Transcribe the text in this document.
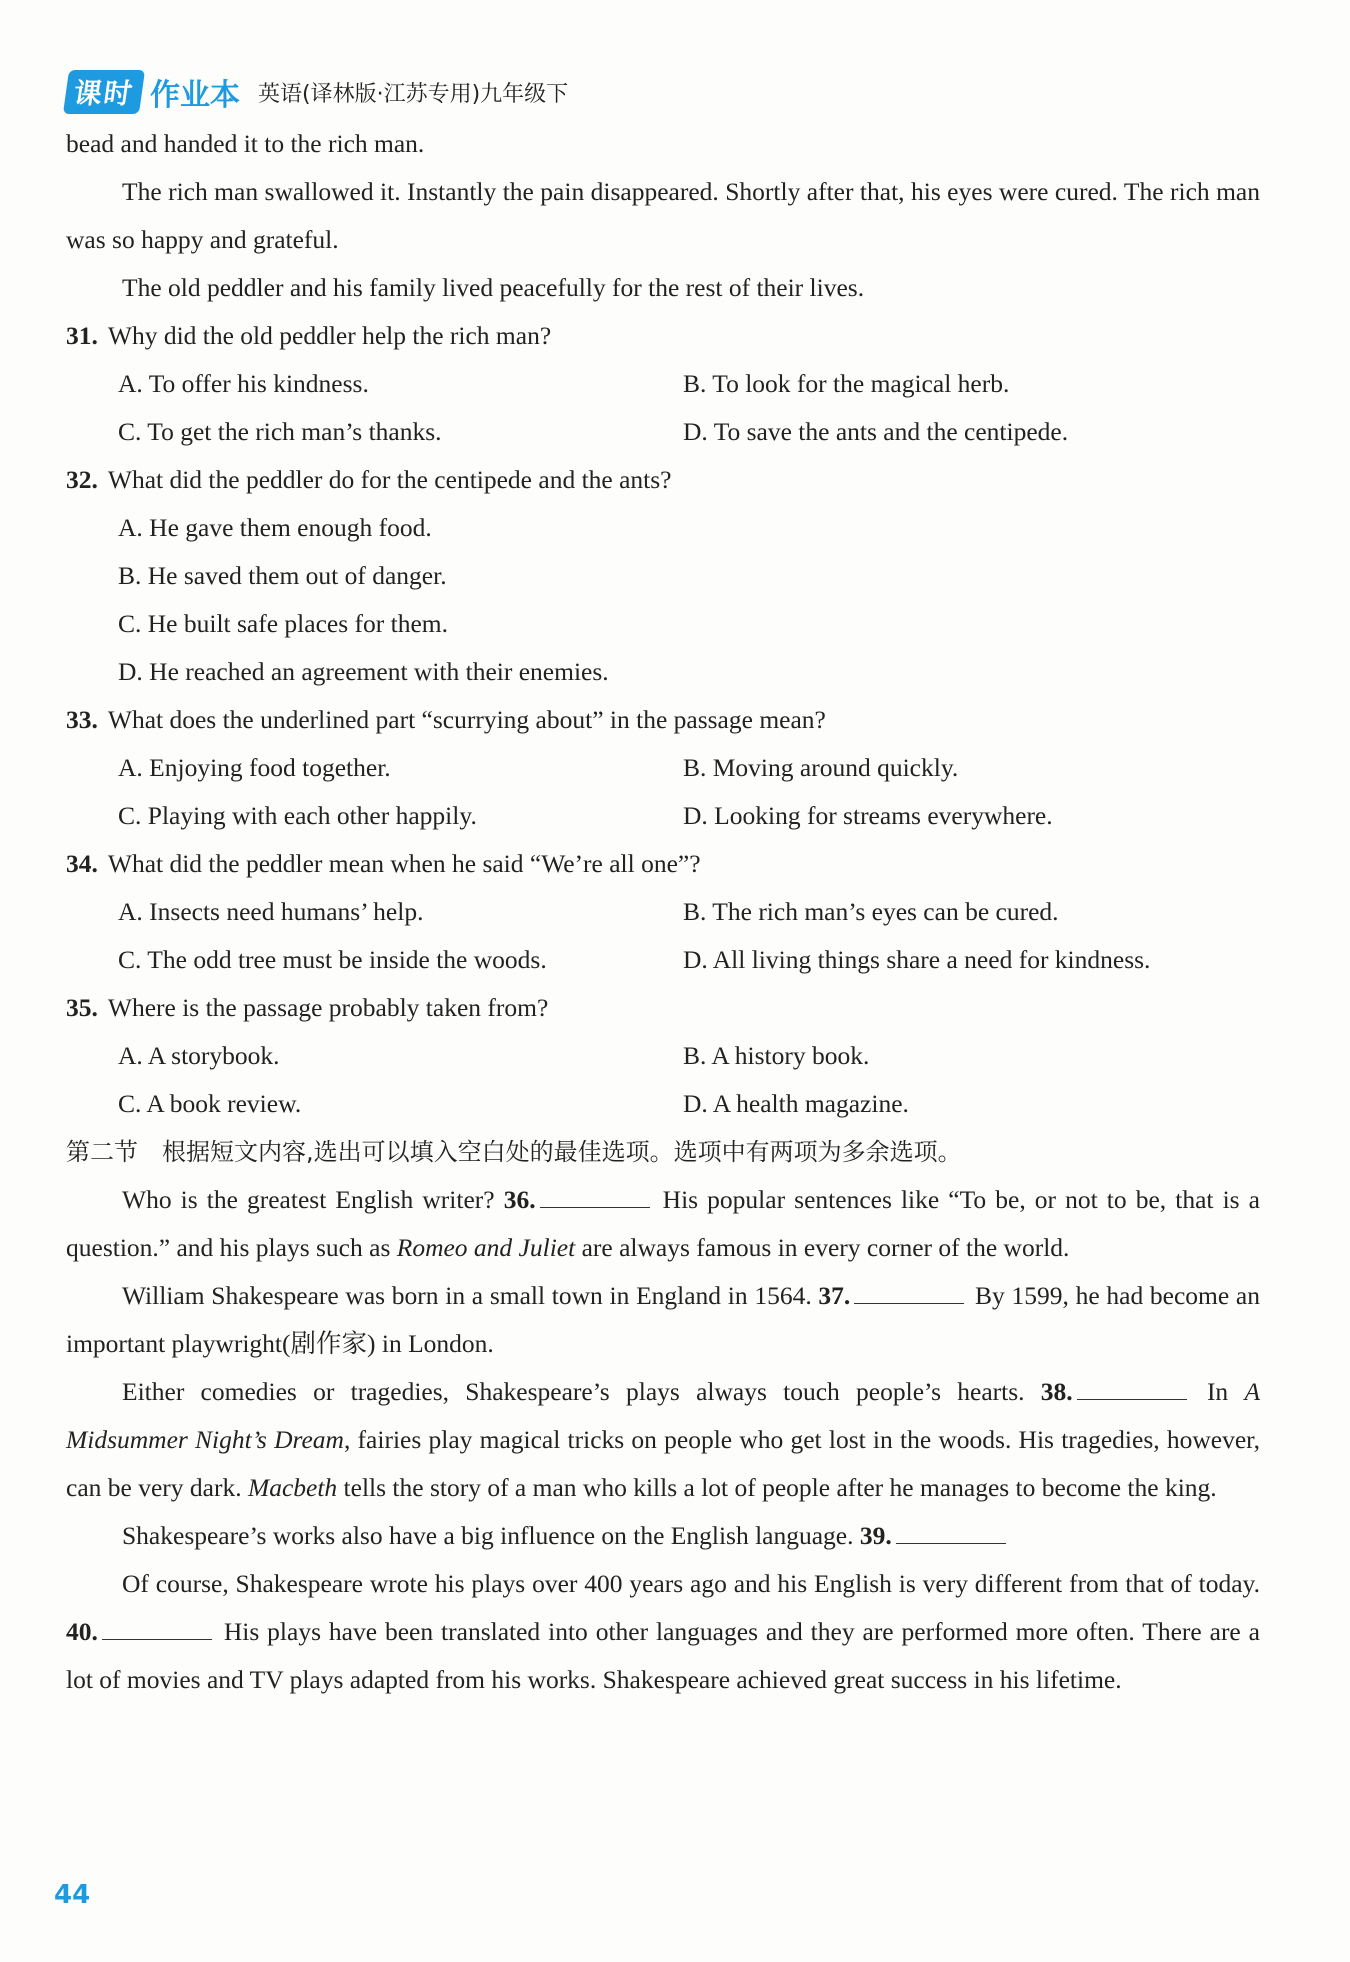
课时 作业本 英语(译林版·江苏专用)九年级下

bead and handed it to the rich man.

The rich man swallowed it. Instantly the pain disappeared. Shortly after that, his eyes were cured. The rich man was so happy and grateful.

The old peddler and his family lived peacefully for the rest of their lives.

31. Why did the old peddler help the rich man?
A. To offer his kindness.	B. To look for the magical herb.
C. To get the rich man’s thanks.	D. To save the ants and the centipede.
32. What did the peddler do for the centipede and the ants?
A. He gave them enough food.
B. He saved them out of danger.
C. He built safe places for them.
D. He reached an agreement with their enemies.
33. What does the underlined part “scurrying about” in the passage mean?
A. Enjoying food together.	B. Moving around quickly.
C. Playing with each other happily.	D. Looking for streams everywhere.
34. What did the peddler mean when he said “We’re all one”?
A. Insects need humans’ help.	B. The rich man’s eyes can be cured.
C. The odd tree must be inside the woods.	D. All living things share a need for kindness.
35. Where is the passage probably taken from?
A. A storybook.	B. A history book.
C. A book review.	D. A health magazine.
第二节　根据短文内容,选出可以填入空白处的最佳选项。选项中有两项为多余选项。

Who is the greatest English writer? 36.	His popular sentences like “To be, or not to be, that is a question.” and his plays such as Romeo and Juliet are always famous in every corner of the world.

William Shakespeare was born in a small town in England in 1564. 37.	By 1599, he had become an important playwright(剧作家) in London.

Either comedies or tragedies, Shakespeare’s plays always touch people’s hearts. 38.	In A Midsummer Night’s Dream, fairies play magical tricks on people who get lost in the woods. His tragedies, however, can be very dark. Macbeth tells the story of a man who kills a lot of people after he manages to become the king.

Shakespeare’s works also have a big influence on the English language. 39.

Of course, Shakespeare wrote his plays over 400 years ago and his English is very different from that of today. 40.	His plays have been translated into other languages and they are performed more often. There are a lot of movies and TV plays adapted from his works. Shakespeare achieved great success in his lifetime.

44
